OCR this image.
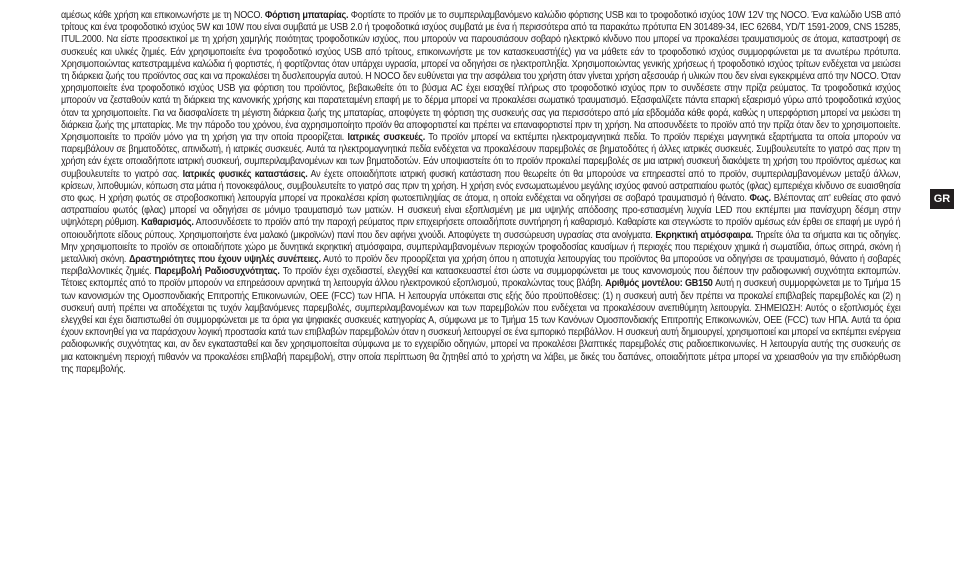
αμέσως κάθε χρήση και επικοινωνήστε με τη NOCO. Φόρτιση μπαταρίας. Φορτίστε το προϊόν με το συμπεριλαμβανόμενο καλώδιο φόρτισης USB και το τροφοδοτικό ισχύος 10W 12V της NOCO. Ένα καλώδιο USB από τρίτους και ένα τροφοδοτικό ισχύος 5W και 10W που είναι συμβατά με USB 2.0 ή τροφοδοτικά ισχύος συμβατά με ένα ή περισσότερα από τα παρακάτω πρότυπα EN 301489-34, IEC 62684, YD/T 1591-2009, CNS 15285, ITUL.2000. Να είστε προσεκτικοί με τη χρήση χαμηλής ποιότητας τροφοδοτικών ισχύος, που μπορούν να παρουσιάσουν σοβαρό ηλεκτρικό κίνδυνο που μπορεί να προκαλέσει τραυματισμούς σε άτομα, καταστροφή σε συσκευές και υλικές ζημιές. Εάν χρησιμοποιείτε ένα τροφοδοτικό ισχύος USB από τρίτους, επικοινωνήστε με τον κατασκευαστή(ές) για να μάθετε εάν το τροφοδοτικό ισχύος συμμορφώνεται με τα ανωτέρω πρότυπα. Χρησιμοποιώντας κατεστραμμένα καλώδια ή φορτιστές, ή φορτίζοντας όταν υπάρχει υγρασία, μπορεί να οδηγήσει σε ηλεκτροπληξία. Χρησιμοποιώντας γενικής χρήσεως ή τροφοδοτικό ισχύος τρίτων ενδέχεται να μειώσει τη διάρκεια ζωής του προϊόντος σας και να προκαλέσει τη δυσλειτουργία αυτού. Η NOCO δεν ευθύνεται για την ασφάλεια του χρήστη όταν γίνεται χρήση αξεσουάρ ή υλικών που δεν είναι εγκεκριμένα από την NOCO. Όταν χρησιμοποιείτε ένα τροφοδοτικό ισχύος USB για φόρτιση του προϊόντος, βεβαιωθείτε ότι το βύσμα AC έχει εισαχθεί πλήρως στο τροφοδοτικό ισχύος πριν το συνδέσετε στην πρίζα ρεύματος. Τα τροφοδοτικά ισχύος μπορούν να ζεσταθούν κατά τη διάρκεια της κανονικής χρήσης και παρατεταμένη επαφή με το δέρμα μπορεί να προκαλέσει σωματικό τραυματισμό. Εξασφαλίζετε πάντα επαρκή εξαερισμό γύρω από τροφοδοτικά ισχύος όταν τα χρησιμοποιείτε. Για να διασφαλίσετε τη μέγιστη διάρκεια ζωής της μπαταρίας, αποφύγετε τη φόρτιση της συσκευής σας για περισσότερο από μία εβδομάδα κάθε φορά, καθώς η υπερφόρτιση μπορεί να μειώσει τη διάρκεια ζωής της μπαταρίας. Με την πάροδο του χρόνου, ένα αχρησιμοποίητο προϊόν θα αποφορτιστεί και πρέπει να επαναφορτιστεί πριν τη χρήση. Να αποσυνδέετε το προϊόν από την πρίζα όταν δεν το χρησιμοποιείτε. Χρησιμοποιείτε το προϊόν μόνο για τη χρήση για την οποία προορίζεται. Ιατρικές συσκευές. Το προϊόν μπορεί να εκπέμπει ηλεκτρομαγνητικά πεδία. Το προϊόν περιέχει μαγνητικά εξαρτήματα τα οποία μπορούν να παρεμβάλουν σε βηματοδότες, απινιδωτή, ή ιατρικές συσκευές. Αυτά τα ηλεκτρομαγνητικά πεδία ενδέχεται να προκαλέσουν παρεμβολές σε βηματοδότες ή άλλες ιατρικές συσκευές. Συμβουλευτείτε το γιατρό σας πριν τη χρήση εάν έχετε οποιαδήποτε ιατρική συσκευή, συμπεριλαμβανομένων και των βηματοδοτών. Εάν υποψιαστείτε ότι το προϊόν προκαλεί παρεμβολές σε μια ιατρική συσκευή διακόψετε τη χρήση του προϊόντος αμέσως και συμβουλευτείτε το γιατρό σας. Ιατρικές φυσικές καταστάσεις. Αν έχετε οποιαδήποτε ιατρική φυσική κατάσταση που θεωρείτε ότι θα μπορούσε να επηρεαστεί από το προϊόν, συμπεριλαμβανομένων μεταξύ άλλων, κρίσεων, λιποθυμιών, κόπωση στα μάτια ή πονοκεφάλους, συμβουλευτείτε το γιατρό σας πριν τη χρήση. Η χρήση ενός ενσωματωμένου μεγάλης ισχύος φανού αστραπιαίου φωτός (φλας) εμπεριέχει κίνδυνο σε ευαισθησία στο φως. Η χρήση φωτός σε στροβοσκοπική λειτουργία μπορεί να προκαλέσει κρίση φωτοεπιληψίας σε άτομα, η οποία ενδέχεται να οδηγήσει σε σοβαρό τραυματισμό ή θάνατο. Φως. Βλέποντας απ' ευθείας στο φανό αστραπιαίου φωτός (φλας) μπορεί να οδηγήσει σε μόνιμο τραυματισμό των ματιών. Η συσκευή είναι εξοπλισμένη με μια υψηλής απόδοσης προ-εστιασμένη λυχνία LED που εκπέμπει μια πανίσχυρη δέσμη στην υψηλότερη ρύθμιση. Καθαρισμός. Αποσυνδέσετε το προϊόν από την παροχή ρεύματος πριν επιχειρήσετε οποιαδήποτε συντήρηση ή καθαρισμό. Καθαρίστε και στεγνώστε το προϊόν αμέσως εάν έρθει σε επαφή με υγρό ή οποιουδήποτε είδους ρύπους. Χρησιμοποιήστε ένα μαλακό (μικροϊνών) πανί που δεν αφήνει χνούδι. Αποφύγετε τη συσσώρευση υγρασίας στα ανοίγματα. Εκρηκτική ατμόσφαιρα. Τηρείτε όλα τα σήματα και τις οδηγίες. Μην χρησιμοποιείτε το προϊόν σε οποιαδήποτε χώρο με δυνητικά εκρηκτική ατμόσφαιρα, συμπεριλαμβανομένων περιοχών τροφοδοσίας καυσίμων ή περιοχές που περιέχουν χημικά ή σωματίδια, όπως σιτηρά, σκόνη ή μεταλλική σκόνη. Δραστηριότητες που έχουν υψηλές συνέπειες. Αυτό το προϊόν δεν προορίζεται για χρήση όπου η αποτυχία λειτουργίας του προϊόντος θα μπορούσε να οδηγήσει σε τραυματισμό, θάνατο ή σοβαρές περιβαλλοντικές ζημιές. Παρεμβολή Ραδιοσυχνότητας. Το προϊόν έχει σχεδιαστεί, ελεγχθεί και κατασκευαστεί έτσι ώστε να συμμορφώνεται με τους κανονισμούς που διέπουν την ραδιοφωνική συχνότητα εκπομπών. Τέτοιες εκπομπές από το προϊόν μπορούν να επηρεάσουν αρνητικά τη λειτουργία άλλου ηλεκτρονικού εξοπλισμού, προκαλώντας τους βλάβη. Αριθμός μοντέλου: GB150 Αυτή η συσκευή συμμορφώνεται με το Τμήμα 15 των κανονισμών της Ομοσπονδιακής Επιτροπής Επικοινωνιών, OEE (FCC) των ΗΠΑ. Η λειτουργία υπόκειται στις εξής δύο προϋποθέσεις: (1) η συσκευή αυτή δεν πρέπει να προκαλεί επιβλαβείς παρεμβολές και (2) η συσκευή αυτή πρέπει να αποδέχεται τις τυχόν λαμβανόμενες παρεμβολές, συμπεριλαμβανομένων και των παρεμβολών που ενδέχεται να προκαλέσουν ανεπιθύμητη λειτουργία. ΣΗΜΕΙΩΣΗ: Αυτός ο εξοπλισμός έχει ελεγχθεί και έχει διαπιστωθεί ότι συμμορφώνεται με τα όρια για ψηφιακές συσκευές κατηγορίας Α, σύμφωνα με το Τμήμα 15 των Κανόνων Ομοσπονδιακής Επιτροπής Επικοινωνιών, OEE (FCC) των ΗΠΑ. Αυτά τα όρια έχουν εκπονηθεί για να παράσχουν λογική προστασία κατά των επιβλαβών παρεμβολών όταν η συσκευή λειτουργεί σε ένα εμπορικό περιβάλλον. Η συσκευή αυτή δημιουργεί, χρησιμοποιεί και μπορεί να εκπέμπει ενέργεια ραδιοφωνικής συχνότητας και, αν δεν εγκατασταθεί και δεν χρησιμοποιείται σύμφωνα με το εγχειρίδιο οδηγιών, μπορεί να προκαλέσει βλαπτικές παρεμβολές στις ραδιοεπικοινωνίες. Η λειτουργία αυτής της συσκευής σε μια κατοικημένη περιοχή πιθανόν να προκαλέσει επιβλαβή παρεμβολή, στην οποία περίπτωση θα ζητηθεί από το χρήστη να λάβει, με δικές του δαπάνες, οποιαδήποτε μέτρα μπορεί να χρειασθούν για την επιδιόρθωση της παρεμβολής.
GR
